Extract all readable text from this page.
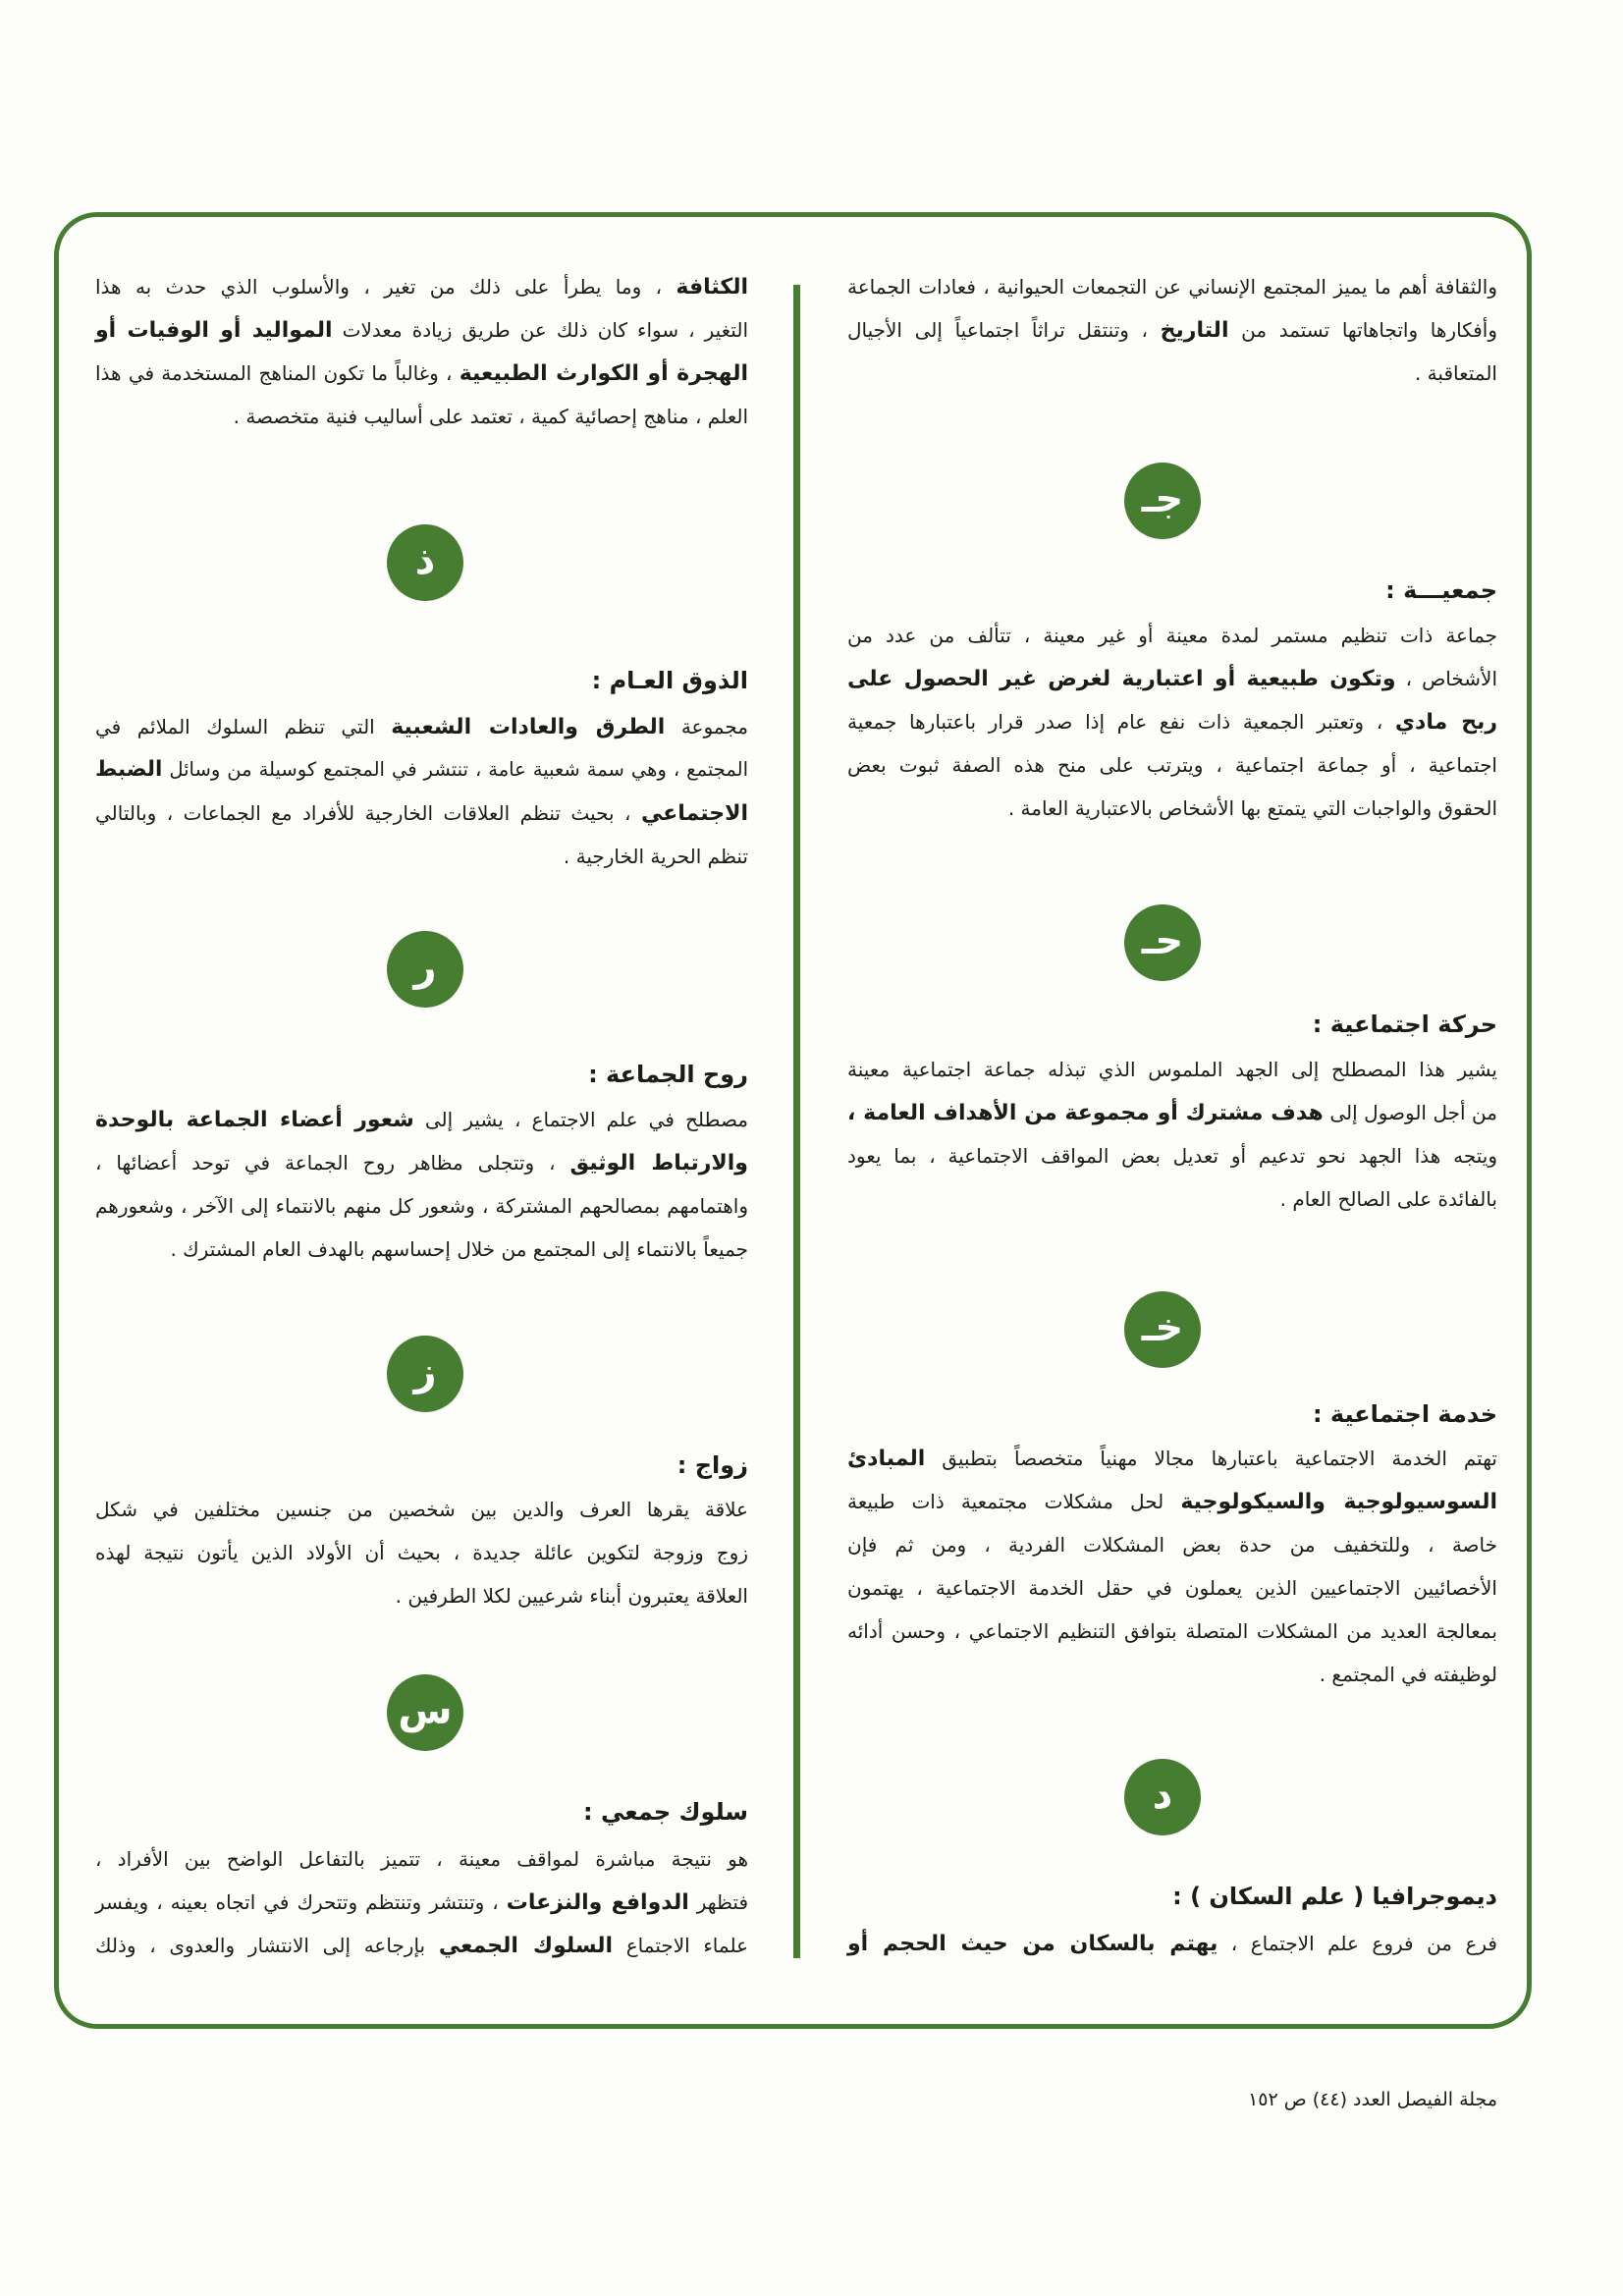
والثقافة أهم ما يميز المجتمع الإنساني عن التجمعات الحيوانية ، فعادات الجماعة
وأفكارها واتجاهاتها تستمد من التاريخ ، وتنتقل تراثاً اجتماعياً إلى الأجيال
المتعاقبة .
جـ
جمعيـــة :
جماعة ذات تنظيم مستمر لمدة معينة أو غير معينة ، تتألف من عدد من
الأشخاص ، وتكون طبيعية أو اعتبارية لغرض غير الحصول على
ربح مادي ، وتعتبر الجمعية ذات نفع عام إذا صدر قرار باعتبارها جمعية
اجتماعية ، أو جماعة اجتماعية ، ويترتب على منح هذه الصفة ثبوت بعض
الحقوق والواجبات التي يتمتع بها الأشخاص بالاعتبارية العامة .
حـ
حركة اجتماعية :
يشير هذا المصطلح إلى الجهد الملموس الذي تبذله جماعة اجتماعية معينة
من أجل الوصول إلى هدف مشترك أو مجموعة من الأهداف العامة ،
ويتجه هذا الجهد نحو تدعيم أو تعديل بعض المواقف الاجتماعية ، بما يعود
بالفائدة على الصالح العام .
خـ
خدمة اجتماعية :
تهتم الخدمة الاجتماعية باعتبارها مجالا مهنياً متخصصاً بتطبيق المبادئ
السوسيولوجية والسيكولوجية لحل مشكلات مجتمعية ذات طبيعة
خاصة ، وللتخفيف من حدة بعض المشكلات الفردية ، ومن ثم فإن
الأخصائيين الاجتماعيين الذين يعملون في حقل الخدمة الاجتماعية ، يهتمون
بمعالجة العديد من المشكلات المتصلة بتوافق التنظيم الاجتماعي ، وحسن أدائه
لوظيفته في المجتمع .
د
ديموجرافيا ( علم السكان ) :
فرع من فروع علم الاجتماع ، يهتم بالسكان من حيث الحجم أو
الكثافة ، وما يطرأ على ذلك من تغير ، والأسلوب الذي حدث به هذا
التغير ، سواء كان ذلك عن طريق زيادة معدلات المواليد أو الوفيات أو
الهجرة أو الكوارث الطبيعية ، وغالباً ما تكون المناهج المستخدمة في هذا
العلم ، مناهج إحصائية كمية ، تعتمد على أساليب فنية متخصصة .
ذ
الذوق العـام :
مجموعة الطرق والعادات الشعبية التي تنظم السلوك الملائم في
المجتمع ، وهي سمة شعبية عامة ، تنتشر في المجتمع كوسيلة من وسائل الضبط
الاجتماعي ، بحيث تنظم العلاقات الخارجية للأفراد مع الجماعات ، وبالتالي
تنظم الحرية الخارجية .
ر
روح الجماعة :
مصطلح في علم الاجتماع ، يشير إلى شعور أعضاء الجماعة بالوحدة
والارتباط الوثيق ، وتتجلى مظاهر روح الجماعة في توحد أعضائها ،
واهتمامهم بمصالحهم المشتركة ، وشعور كل منهم بالانتماء إلى الآخر ، وشعورهم
جميعاً بالانتماء إلى المجتمع من خلال إحساسهم بالهدف العام المشترك .
ز
زواج :
علاقة يقرها العرف والدين بين شخصين من جنسين مختلفين في شكل
زوج وزوجة لتكوين عائلة جديدة ، بحيث أن الأولاد الذين يأتون نتيجة لهذه
العلاقة يعتبرون أبناء شرعيين لكلا الطرفين .
س
سلوك جمعي :
هو نتيجة مباشرة لمواقف معينة ، تتميز بالتفاعل الواضح بين الأفراد ،
فتظهر الدوافع والنزعات ، وتنتشر وتنتظم وتتحرك في اتجاه بعينه ، ويفسر
علماء الاجتماع السلوك الجمعي بإرجاعه إلى الانتشار والعدوى ، وذلك
مجلة الفيصل العدد (٤٤) ص ١٥٢
